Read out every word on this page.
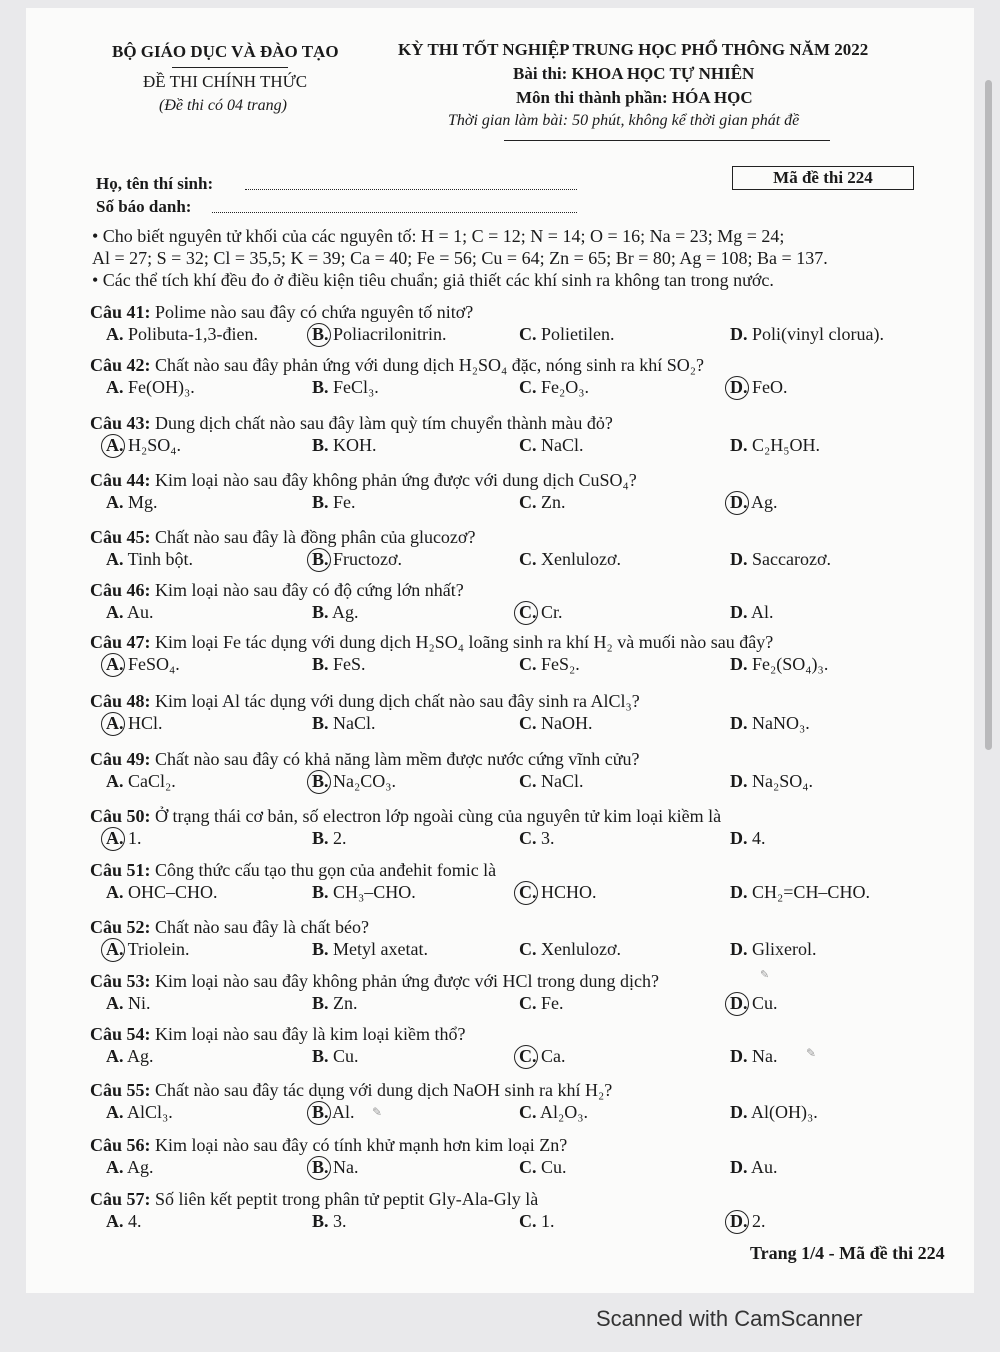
BỘ GIÁO DỤC VÀ ĐÀO TẠO
ĐỀ THI CHÍNH THỨC
(Đề thi có 04 trang)
KỲ THI TỐT NGHIỆP TRUNG HỌC PHỔ THÔNG NĂM 2022
Bài thi: KHOA HỌC TỰ NHIÊN
Môn thi thành phần: HÓA HỌC
Thời gian làm bài: 50 phút, không kể thời gian phát đề
Họ, tên thí sinh:
Số báo danh:
Mã đề thi 224
• Cho biết nguyên tử khối của các nguyên tố: H = 1; C = 12; N = 14; O = 16; Na = 23; Mg = 24;
Al = 27; S = 32; Cl = 35,5; K = 39; Ca = 40; Fe = 56; Cu = 64; Zn = 65; Br = 80; Ag = 108; Ba = 137.
• Các thể tích khí đều đo ở điều kiện tiêu chuẩn; giả thiết các khí sinh ra không tan trong nước.
Câu 41: Polime nào sau đây có chứa nguyên tố nitơ?
A. Polibuta-1,3-đien.	B. Poliacrilonitrin.	C. Polietilen.	D. Poli(vinyl clorua).
Câu 42: Chất nào sau đây phản ứng với dung dịch H₂SO₄ đặc, nóng sinh ra khí SO₂?
A. Fe(OH)₃.	B. FeCl₃.	C. Fe₂O₃.	D. FeO.
Câu 43: Dung dịch chất nào sau đây làm quỳ tím chuyển thành màu đỏ?
A. H₂SO₄.	B. KOH.	C. NaCl.	D. C₂H₅OH.
Câu 44: Kim loại nào sau đây không phản ứng được với dung dịch CuSO₄?
A. Mg.	B. Fe.	C. Zn.	D. Ag.
Câu 45: Chất nào sau đây là đồng phân của glucozơ?
A. Tinh bột.	B. Fructozơ.	C. Xenlulozơ.	D. Saccarozơ.
Câu 46: Kim loại nào sau đây có độ cứng lớn nhất?
A. Au.	B. Ag.	C. Cr.	D. Al.
Câu 47: Kim loại Fe tác dụng với dung dịch H₂SO₄ loãng sinh ra khí H₂ và muối nào sau đây?
A. FeSO₄.	B. FeS.	C. FeS₂.	D. Fe₂(SO₄)₃.
Câu 48: Kim loại Al tác dụng với dung dịch chất nào sau đây sinh ra AlCl₃?
A. HCl.	B. NaCl.	C. NaOH.	D. NaNO₃.
Câu 49: Chất nào sau đây có khả năng làm mềm được nước cứng vĩnh cửu?
A. CaCl₂.	B. Na₂CO₃.	C. NaCl.	D. Na₂SO₄.
Câu 50: Ở trạng thái cơ bản, số electron lớp ngoài cùng của nguyên tử kim loại kiềm là
A. 1.	B. 2.	C. 3.	D. 4.
Câu 51: Công thức cấu tạo thu gọn của anđehit fomic là
A. OHC–CHO.	B. CH₃–CHO.	C. HCHO.	D. CH₂=CH–CHO.
Câu 52: Chất nào sau đây là chất béo?
A. Triolein.	B. Metyl axetat.	C. Xenlulozơ.	D. Glixerol.
Câu 53: Kim loại nào sau đây không phản ứng được với HCl trong dung dịch?
A. Ni.	B. Zn.	C. Fe.	D. Cu.
Câu 54: Kim loại nào sau đây là kim loại kiềm thổ?
A. Ag.	B. Cu.	C. Ca.	D. Na.
Câu 55: Chất nào sau đây tác dụng với dung dịch NaOH sinh ra khí H₂?
A. AlCl₃.	B. Al.	C. Al₂O₃.	D. Al(OH)₃.
Câu 56: Kim loại nào sau đây có tính khử mạnh hơn kim loại Zn?
A. Ag.	B. Na.	C. Cu.	D. Au.
Câu 57: Số liên kết peptit trong phân tử peptit Gly-Ala-Gly là
A. 4.	B. 3.	C. 1.	D. 2.
✎
✎
✎
Trang 1/4 - Mã đề thi 224
Scanned with CamScanner
